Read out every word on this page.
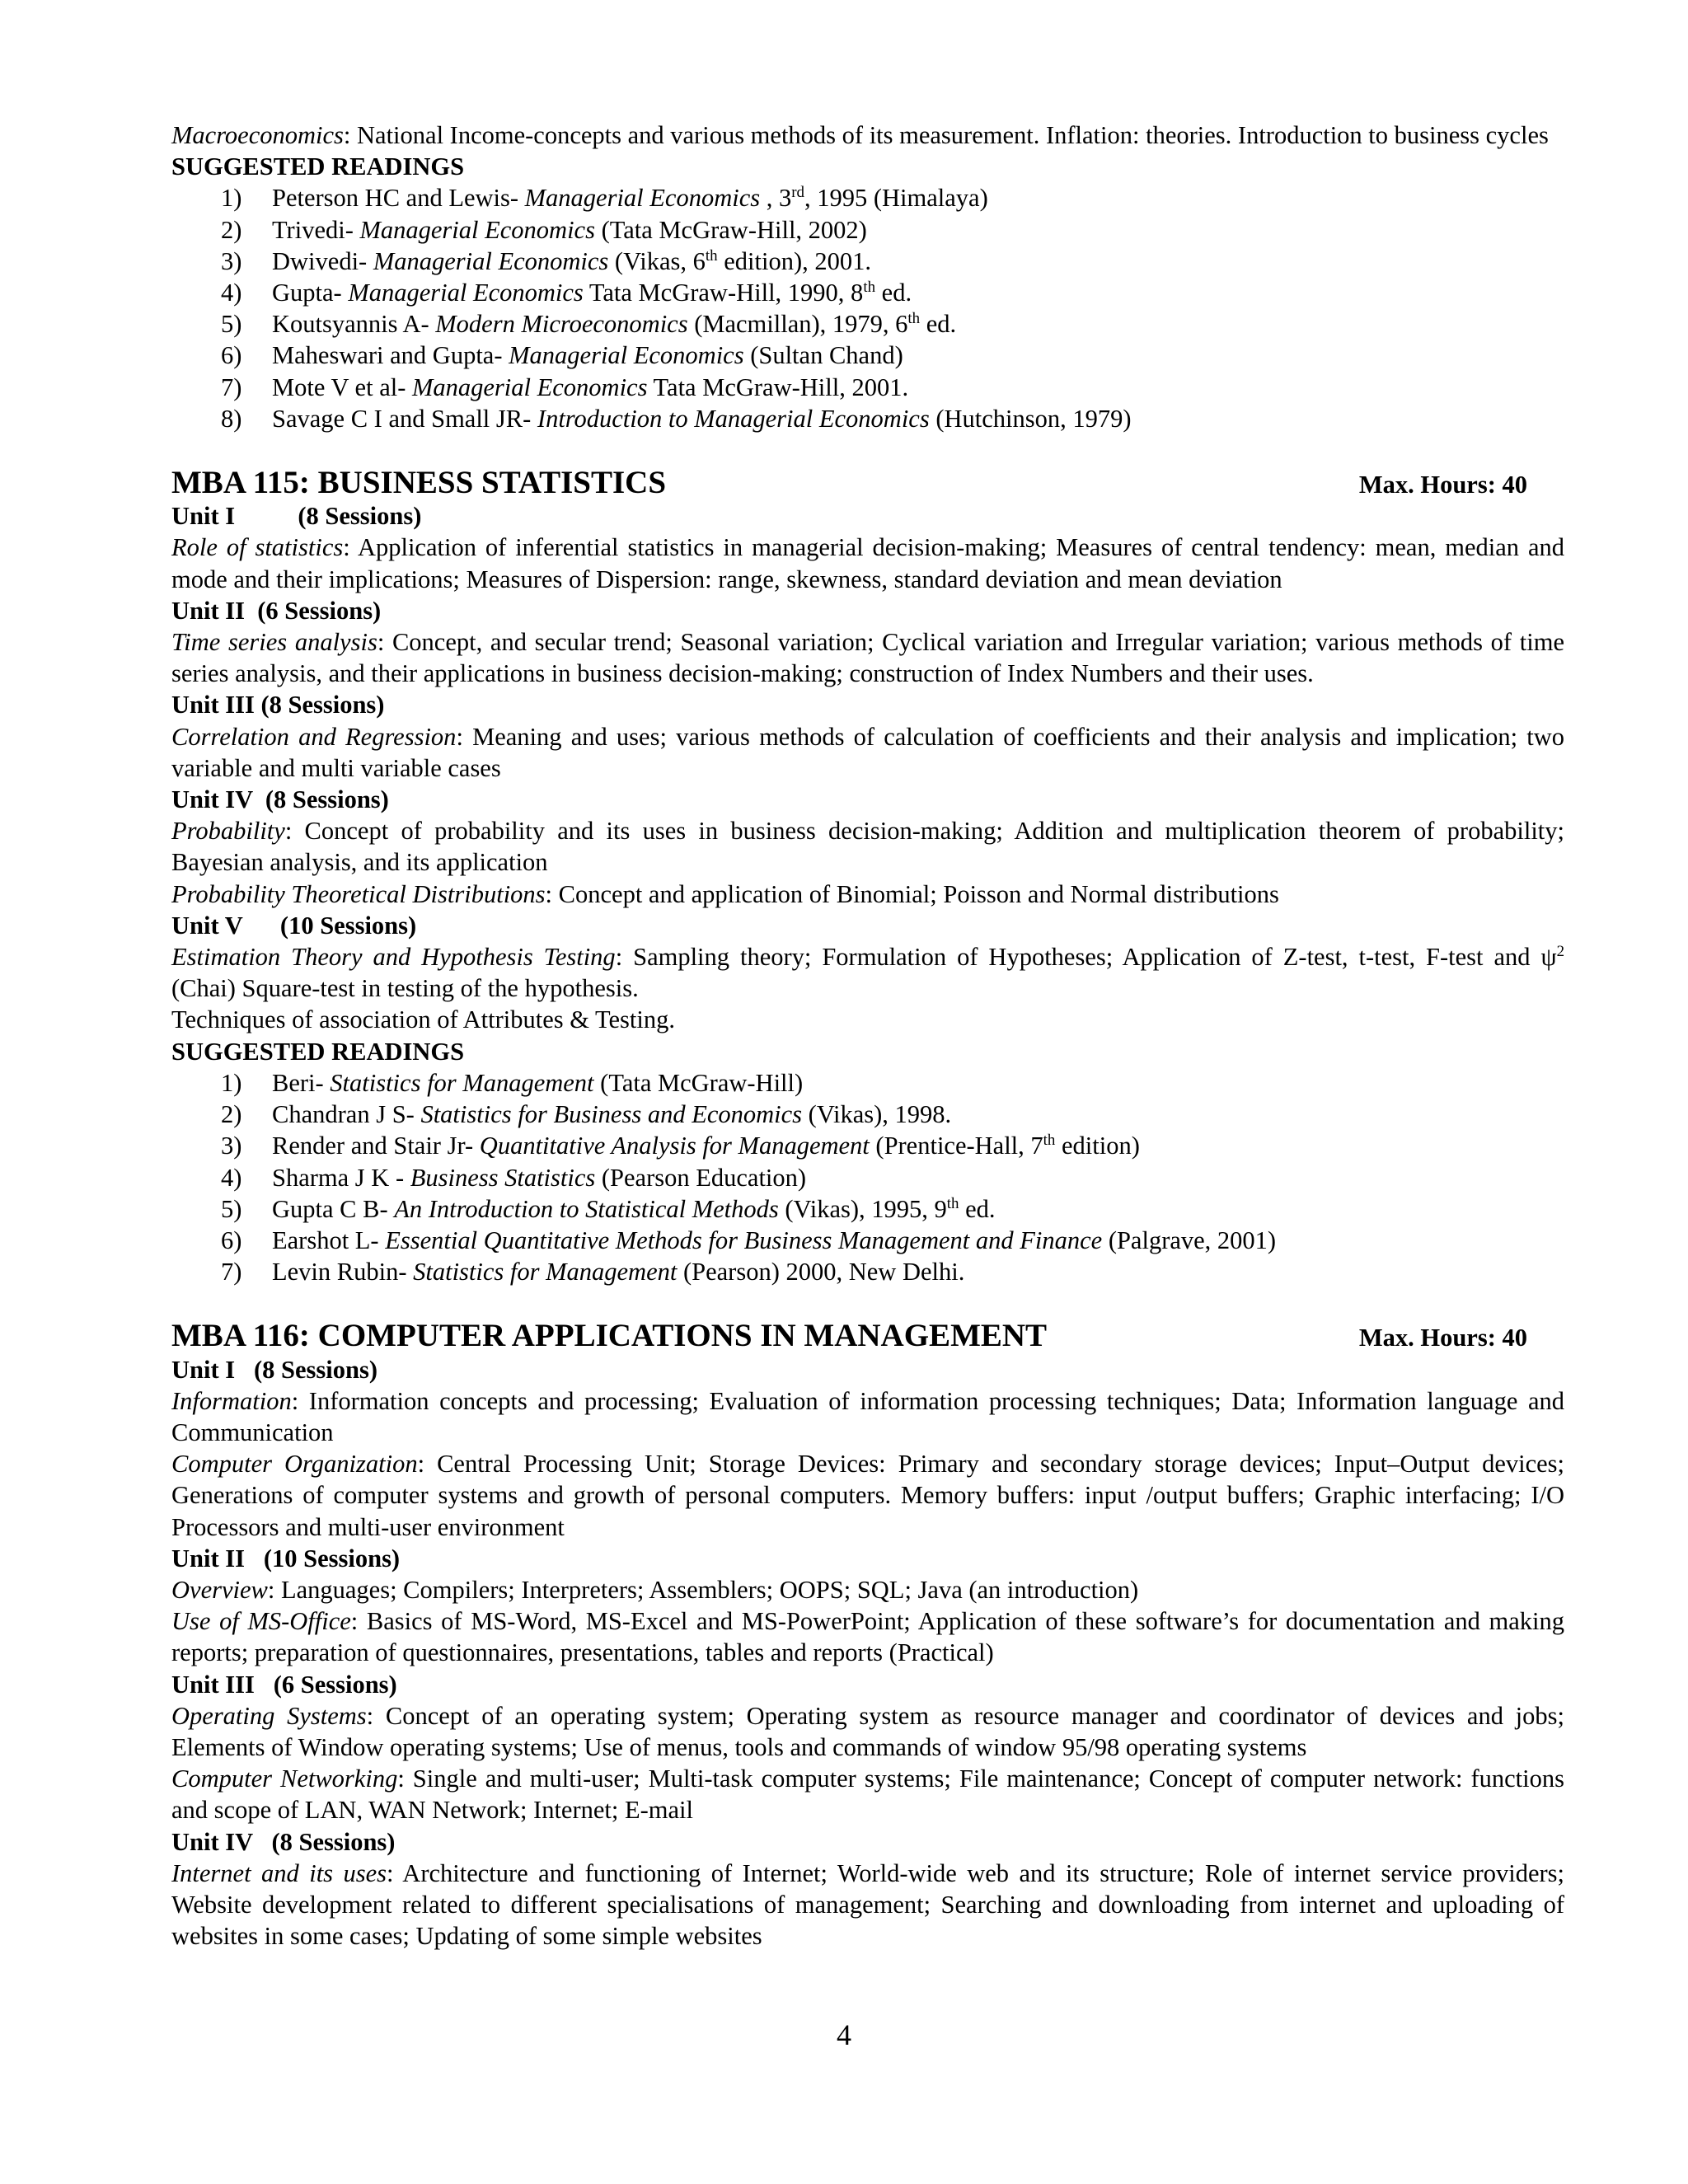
Macroeconomics: National Income-concepts and various methods of its measurement. Inflation: theories. Introduction to business cycles

SUGGESTED READINGS
1)	Peterson HC and Lewis- Managerial Economics , 3rd, 1995 (Himalaya)
2)	Trivedi- Managerial Economics (Tata McGraw-Hill, 2002)
3)	Dwivedi- Managerial Economics (Vikas, 6th edition), 2001.
4)	Gupta- Managerial Economics Tata McGraw-Hill, 1990, 8th ed.
5)	Koutsyannis A- Modern Microeconomics (Macmillan), 1979, 6th ed.
6)	Maheswari and Gupta- Managerial Economics (Sultan Chand)
7)	Mote V et al- Managerial Economics Tata McGraw-Hill, 2001.
8)	Savage C I and Small JR- Introduction to Managerial Economics (Hutchinson, 1979)
MBA 115: BUSINESS STATISTICS	Max. Hours: 40
Unit I          (8 Sessions)

Role of statistics: Application of inferential statistics in managerial decision-making; Measures of central tendency: mean, median and mode and their implications; Measures of Dispersion: range, skewness, standard deviation and mean deviation

Unit II  (6 Sessions)

Time series analysis: Concept, and secular trend; Seasonal variation; Cyclical variation and Irregular variation; various methods of time series analysis, and their applications in business decision-making; construction of Index Numbers and their uses.

Unit III (8 Sessions)

Correlation and Regression: Meaning and uses; various methods of calculation of coefficients and their analysis and implication; two variable and multi variable cases

Unit IV  (8 Sessions)

Probability: Concept of probability and its uses in business decision-making; Addition and multiplication theorem of probability; Bayesian analysis, and its application

Probability Theoretical Distributions: Concept and application of Binomial; Poisson and Normal distributions

Unit V      (10 Sessions)

Estimation Theory and Hypothesis Testing: Sampling theory; Formulation of Hypotheses; Application of Z-test, t-test, F-test and $\psi^2$ (Chai) Square-test in testing of the hypothesis.

Techniques of association of Attributes & Testing.

SUGGESTED READINGS
1)	Beri- Statistics for Management (Tata McGraw-Hill)
2)	Chandran J S- Statistics for Business and Economics (Vikas), 1998.
3)	Render and Stair Jr- Quantitative Analysis for Management (Prentice-Hall, 7th edition)
4)	Sharma J K - Business Statistics (Pearson Education)
5)	Gupta C B- An Introduction to Statistical Methods (Vikas), 1995, 9th ed.
6)	Earshot L- Essential Quantitative Methods for Business Management and Finance (Palgrave, 2001)
7)	Levin Rubin- Statistics for Management (Pearson) 2000, New Delhi.
MBA 116: COMPUTER APPLICATIONS IN MANAGEMENT	Max. Hours: 40
Unit I   (8 Sessions)

Information: Information concepts and processing; Evaluation of information processing techniques; Data; Information language and Communication

Computer Organization: Central Processing Unit; Storage Devices: Primary and secondary storage devices; Input–Output devices; Generations of computer systems and growth of personal computers. Memory buffers: input /output buffers; Graphic interfacing; I/O Processors and multi-user environment

Unit II   (10 Sessions)

Overview: Languages; Compilers; Interpreters; Assemblers; OOPS; SQL; Java (an introduction)

Use of MS-Office: Basics of MS-Word, MS-Excel and MS-PowerPoint; Application of these software’s for documentation and making reports; preparation of questionnaires, presentations, tables and reports (Practical)

Unit III   (6 Sessions)

Operating Systems: Concept of an operating system; Operating system as resource manager and coordinator of devices and jobs; Elements of Window operating systems; Use of menus, tools and commands of window 95/98 operating systems

Computer Networking: Single and multi-user; Multi-task computer systems; File maintenance; Concept of computer network: functions and scope of LAN, WAN Network; Internet; E-mail

Unit IV   (8 Sessions)

Internet and its uses: Architecture and functioning of Internet; World-wide web and its structure; Role of internet service providers; Website development related to different specialisations of management; Searching and downloading from internet and uploading of websites in some cases; Updating of some simple websites

4
